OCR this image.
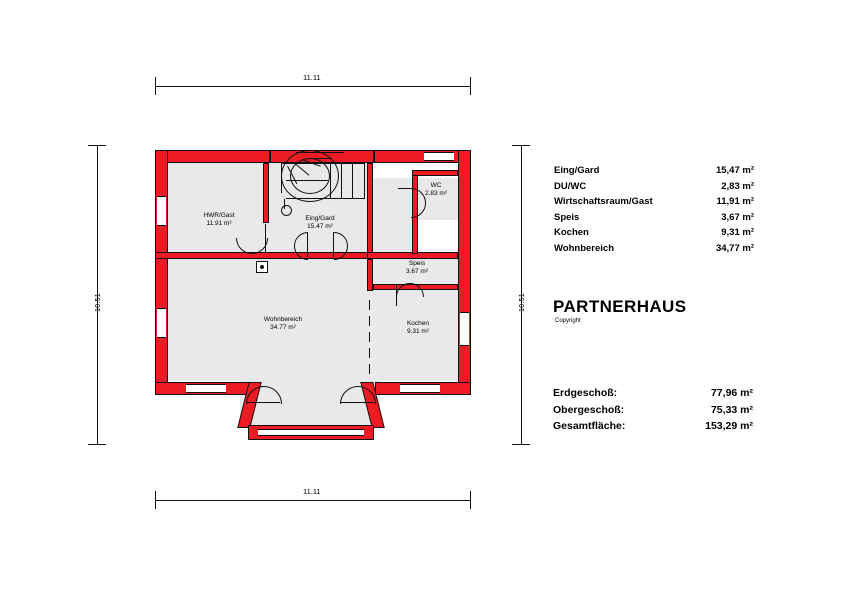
11.11
11.11
10.51	10.51
HWR/Gast
11.91 m²
Eing/Gard
15.47 m²
WC
2.83 m²
Speis
3.67 m²
Wohnbereich
34.77 m²
Kochen
9.31 m²
Eing/Gard	15,47 m²
DU/WC	2,83 m²
Wirtschaftsraum/Gast	11,91 m²
Speis	3,67 m²
Kochen	9,31 m²
Wohnbereich	34,77 m²
PARTNERHAUS
Copyright
Erdgeschoß:	77,96 m²
Obergeschoß:	75,33 m²
Gesamtfläche:	153,29 m²
